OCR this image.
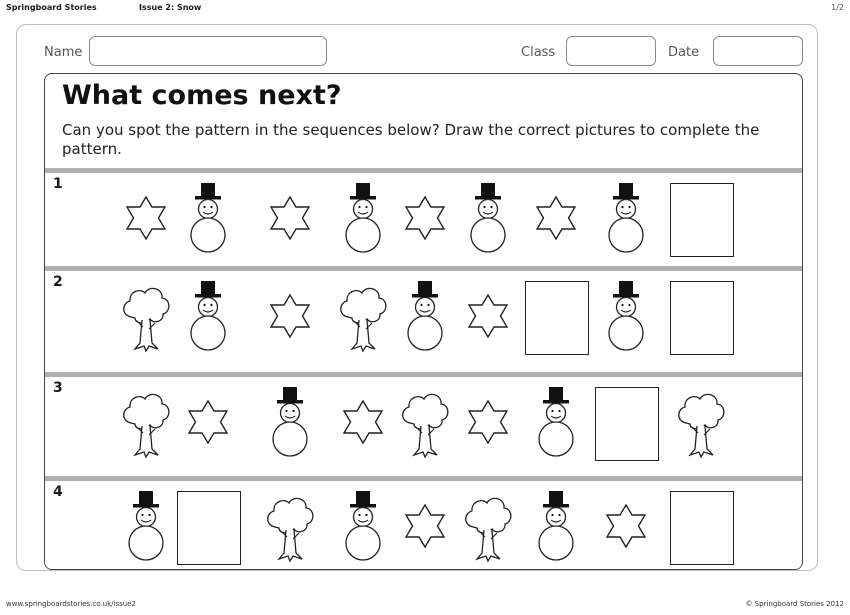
Springboard Stories	Issue 2: Snow	1/2
Name	Class	Date
What comes next?
Can you spot the pattern in the sequences below? Draw the correct pictures to complete the pattern.
1
2
3
4
www.springboardstories.co.uk/issue2	© Springboard Stories 2012
